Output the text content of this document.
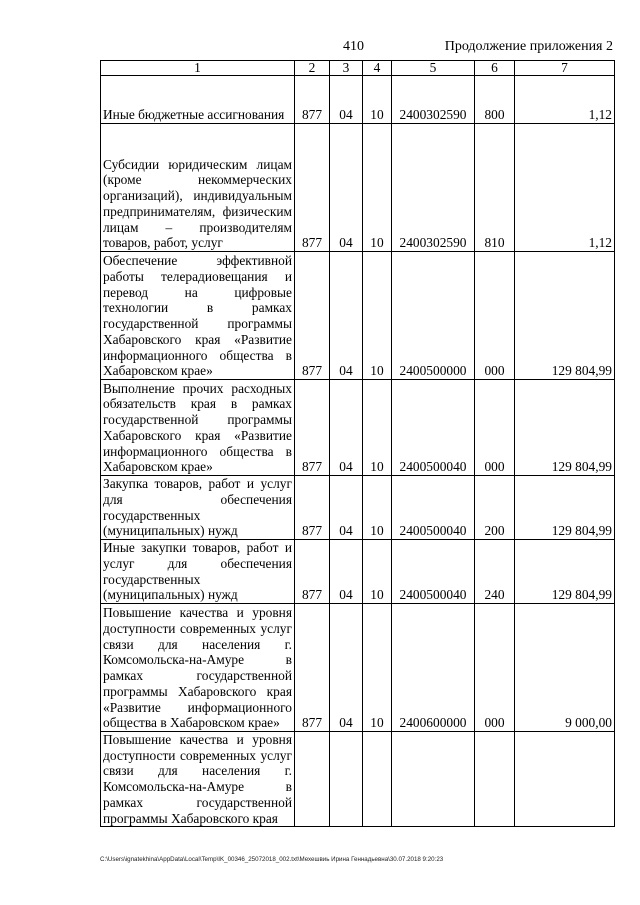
410	Продолжение приложения 2
1	2	3	4	5	6	7
Иные бюджетные ассигнования	877	04	10	2400302590	800	1,12
Субсидии юридическим лицам (кроме некоммерческих организаций), индивидуальным предпринимателям, физическим лицам – производителям товаров, работ, услуг	877	04	10	2400302590	810	1,12
Обеспечение эффективной работы телерадиовещания и перевод на цифровые технологии в рамках государственной программы Хабаровского края «Развитие информационного общества в Хабаровском крае»	877	04	10	2400500000	000	129 804,99
Выполнение прочих расходных обязательств края в рамках государственной программы Хабаровского края «Развитие информационного общества в Хабаровском крае»	877	04	10	2400500040	000	129 804,99
Закупка товаров, работ и услуг для обеспечения государственных (муниципальных) нужд	877	04	10	2400500040	200	129 804,99
Иные закупки товаров, работ и услуг для обеспечения государственных (муниципальных) нужд	877	04	10	2400500040	240	129 804,99
Повышение качества и уровня доступности современных услуг связи для населения г. Комсомольска-на-Амуре в рамках государственной программы Хабаровского края «Развитие информационного общества в Хабаровском крае»	877	04	10	2400600000	000	9 000,00
Повышение качества и уровня доступности современных услуг связи для населения г. Комсомольска-на-Амуре в рамках государственной программы Хабаровского края						
C:\Users\ignatekhina\AppData\Local\Temp\IK_00346_25072018_002.txt\Мехешвиь Ирина Геннадьевна\30.07.2018 9:20:23
